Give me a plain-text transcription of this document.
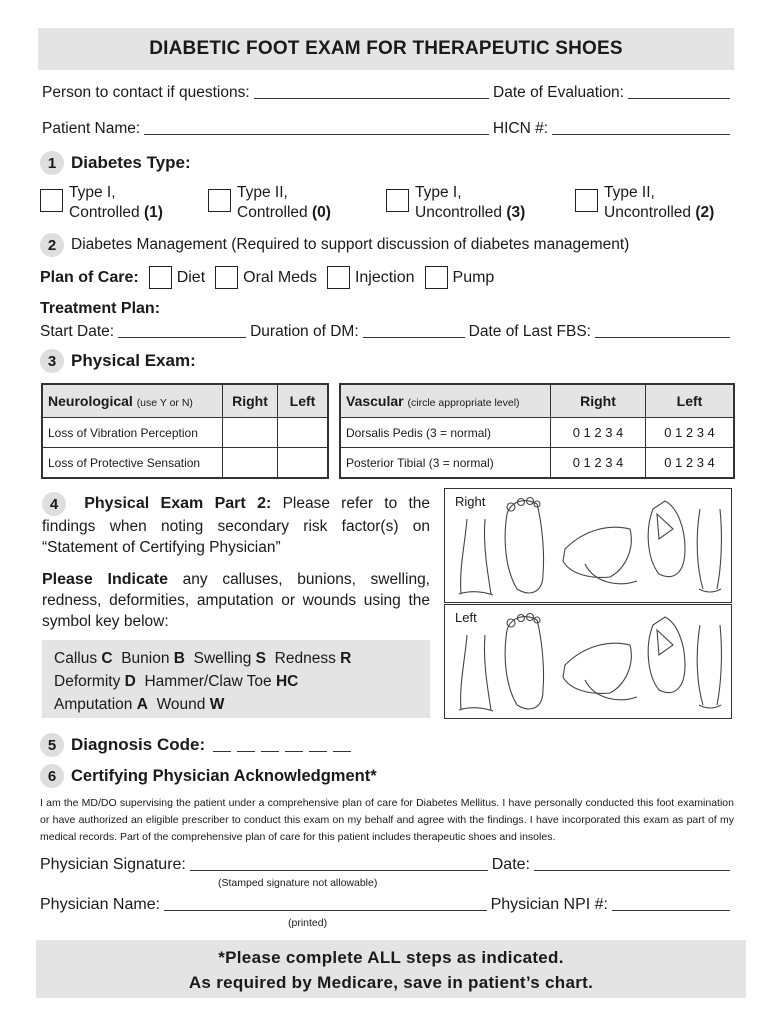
DIABETIC FOOT EXAM FOR THERAPEUTIC SHOES
Person to contact if questions:	Date of Evaluation:
Patient Name:	HICN #:
1 Diabetes Type:
Type I,
Controlled (1)
Type II,
Controlled (0)
Type I,
Uncontrolled (3)
Type II,
Uncontrolled (2)
2 Diabetes Management (Required to support discussion of diabetes management)
Plan of Care: Diet Oral Meds Injection Pump
Treatment Plan:
Start Date:	Duration of DM:	Date of Last FBS:
3 Physical Exam:
Neurological (use Y or N)	Right	Left
Loss of Vibration Perception		
Loss of Protective Sensation		
Vascular (circle appropriate level)	Right	Left
Dorsalis Pedis (3 = normal)	0 1 2 3 4	0 1 2 3 4
Posterior Tibial (3 = normal)	0 1 2 3 4	0 1 2 3 4
4 Physical Exam Part 2: Please refer to the findings when noting secondary risk factor(s) on “Statement of Certifying Physician”
Please Indicate any calluses, bunions, swelling, redness, deformities, amputation or wounds using the symbol key below:
Callus C Bunion B Swelling S Redness R
Deformity D Hammer/Claw Toe HC
Amputation A Wound W
Right
Left
5 Diagnosis Code:
6 Certifying Physician Acknowledgment*
I am the MD/DO supervising the patient under a comprehensive plan of care for Diabetes Mellitus. I have personally conducted this foot examination or have authorized an eligible prescriber to conduct this exam on my behalf and agree with the findings. I have incorporated this exam as part of my medical records. Part of the comprehensive plan of care for this patient includes therapeutic shoes and insoles.
Physician Signature:	Date:
(Stamped signature not allowable)
Physician Name:	Physician NPI #:
(printed)
*Please complete ALL steps as indicated.
As required by Medicare, save in patient’s chart.
